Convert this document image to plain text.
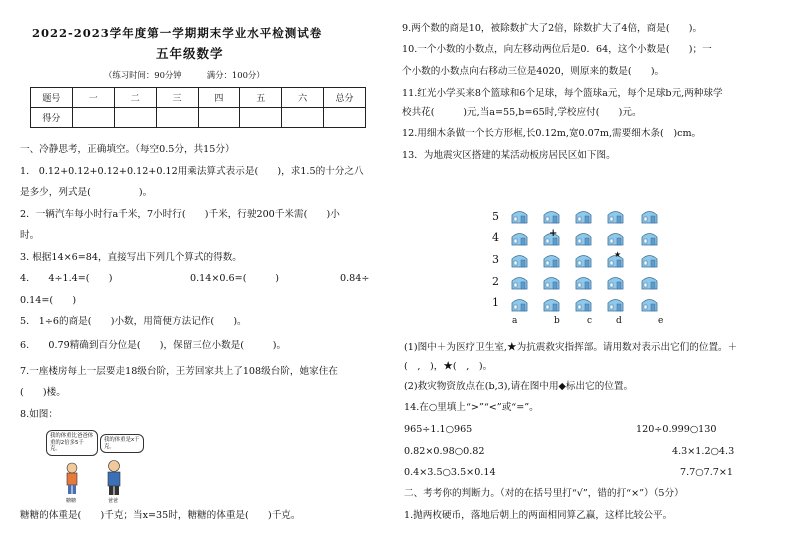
2022-2023学年度第一学期期末学业水平检测试卷
五年级数学
（练习时间：90分钟　　　满分：100分）
题号	一	二	三	四	五	六	总分
得分							
一、冷静思考，正确填空。（每空0.5分，共15分）
1.　0.12+0.12+0.12+0.12+0.12用乘法算式表示是(　　)，求1.5的十分之八
是多少，列式是(　　　　　)。
2．一辆汽车每小时行a千米，7小时行(　　)千米，行驶200千米需(　　)小
时。
3. 根据14×6=84，直接写出下列几个算式的得数。
4.　　4÷1.4=(　　)	0.14×0.6=(　　　)	0.84÷
0.14=(　　)
5.　1÷6的商是(　　)小数，用简便方法记作(　　)。
6.　　0.7̇9̇精确到百分位是(　　)，保留三位小数是(　　　)。
7.一座楼房每上一层要走18级台阶，王芳回家共上了108级台阶，她家住在
(　　)楼。
8.如图：
我的体重比爸爸体重的2倍多5千克。
我的体重是x千克。
糖糖	爸爸
糖糖的体重是(　　)千克；当x=35时，糖糖的体重是(　　)千克。
9.两个数的商是10，被除数扩大了2倍，除数扩大了4倍，商是(　　)。
10.一个小数的小数点，向左移动两位后是0．64，这个小数是(　　)；一
个小数的小数点向右移动三位是4020，则原来的数是(　　)。
11.红光小学买来8个篮球和6个足球，每个篮球a元，每个足球b元,两种球学
校共花(　　　)元,当a=55,b=65时,学校应付(　　)元。
12.用细木条做一个长方形框,长0.12m,宽0.07m,需要细木条(　)cm。
13．为地震灾区搭建的某活动板房居民区如下图。
5
4
3
2
1
a	b	c	d	e
+
★
(1)图中＋为医疗卫生室,★为抗震救灾指挥部。请用数对表示出它们的位置。＋
(　,　)，★(　,　)。
(2)救灾物资放点在(b,3),请在图中用◆标出它的位置。
14.在○里填上“>”“<”或“=”。
965÷1.1○965	120÷0.999○130
0.82×0.98○0.82	4.3×1.2○4.3
0.4×3.5○3.5×0.14	7.7○7.7×1
二、考考你的判断力。（对的在括号里打“√”，错的打“×”）（5分）
1.抛两枚硬币，落地后朝上的两面相同算乙赢，这样比较公平。
